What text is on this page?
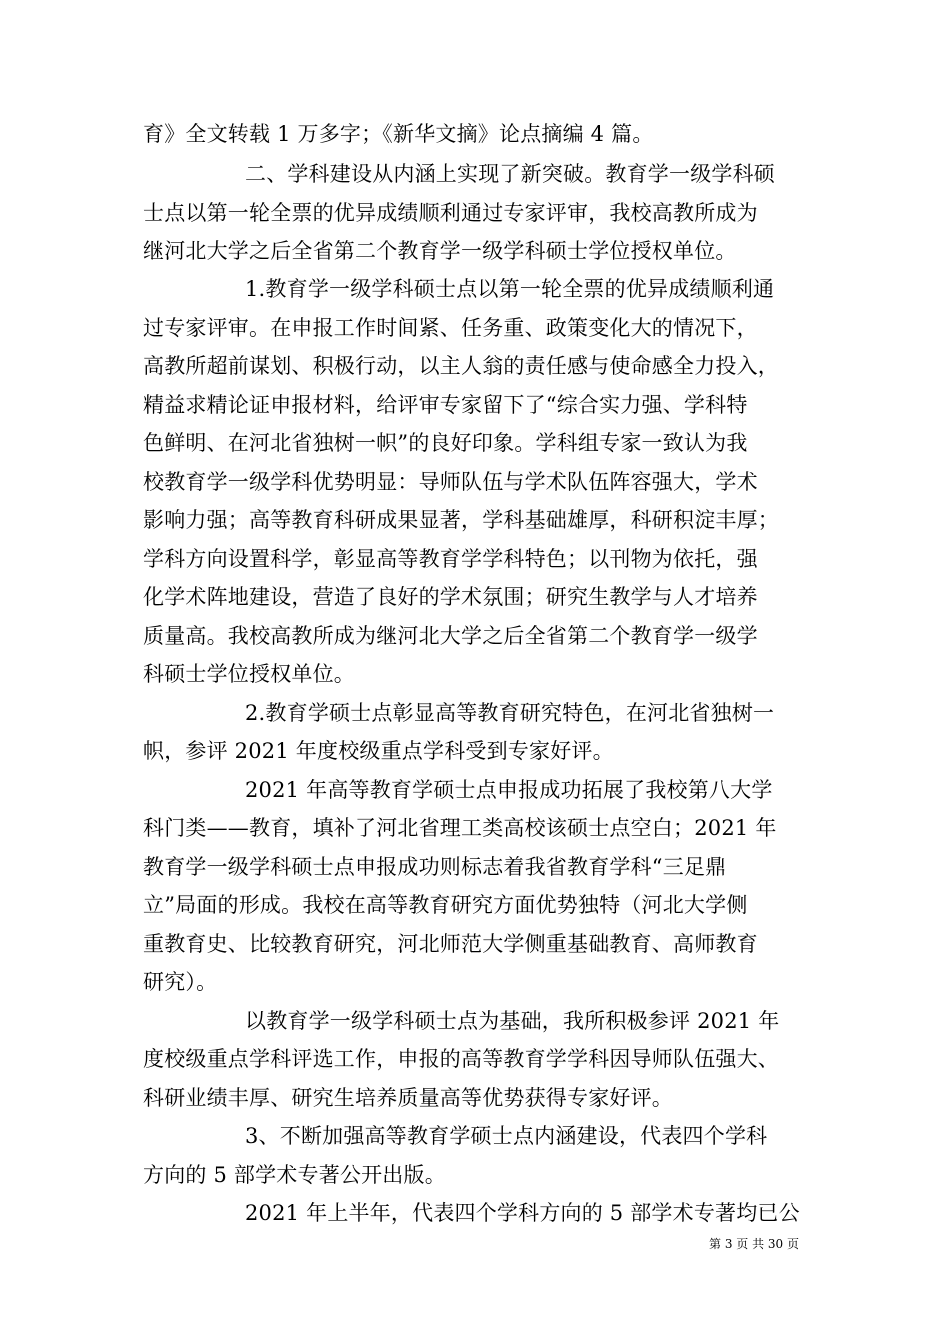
育》全文转载 1 万多字；《新华文摘》论点摘编 4 篇。
二、学科建设从内涵上实现了新突破。教育学一级学科硕
士点以第一轮全票的优异成绩顺利通过专家评审，我校高教所成为
继河北大学之后全省第二个教育学一级学科硕士学位授权单位。
1.教育学一级学科硕士点以第一轮全票的优异成绩顺利通
过专家评审。在申报工作时间紧、任务重、政策变化大的情况下，
高教所超前谋划、积极行动，以主人翁的责任感与使命感全力投入，
精益求精论证申报材料，给评审专家留下了“综合实力强、学科特
色鲜明、在河北省独树一帜”的良好印象。学科组专家一致认为我
校教育学一级学科优势明显：导师队伍与学术队伍阵容强大，学术
影响力强；高等教育科研成果显著，学科基础雄厚，科研积淀丰厚；
学科方向设置科学，彰显高等教育学学科特色；以刊物为依托，强
化学术阵地建设，营造了良好的学术氛围；研究生教学与人才培养
质量高。我校高教所成为继河北大学之后全省第二个教育学一级学
科硕士学位授权单位。
2.教育学硕士点彰显高等教育研究特色，在河北省独树一
帜，参评 2021 年度校级重点学科受到专家好评。
2021 年高等教育学硕士点申报成功拓展了我校第八大学
科门类——教育，填补了河北省理工类高校该硕士点空白；2021 年
教育学一级学科硕士点申报成功则标志着我省教育学科“三足鼎
立”局面的形成。我校在高等教育研究方面优势独特（河北大学侧
重教育史、比较教育研究，河北师范大学侧重基础教育、高师教育
研究）。
以教育学一级学科硕士点为基础，我所积极参评 2021 年
度校级重点学科评选工作，申报的高等教育学学科因导师队伍强大、
科研业绩丰厚、研究生培养质量高等优势获得专家好评。
3、不断加强高等教育学硕士点内涵建设，代表四个学科
方向的 5 部学术专著公开出版。
2021 年上半年，代表四个学科方向的 5 部学术专著均已公
第 3 页 共 30 页
